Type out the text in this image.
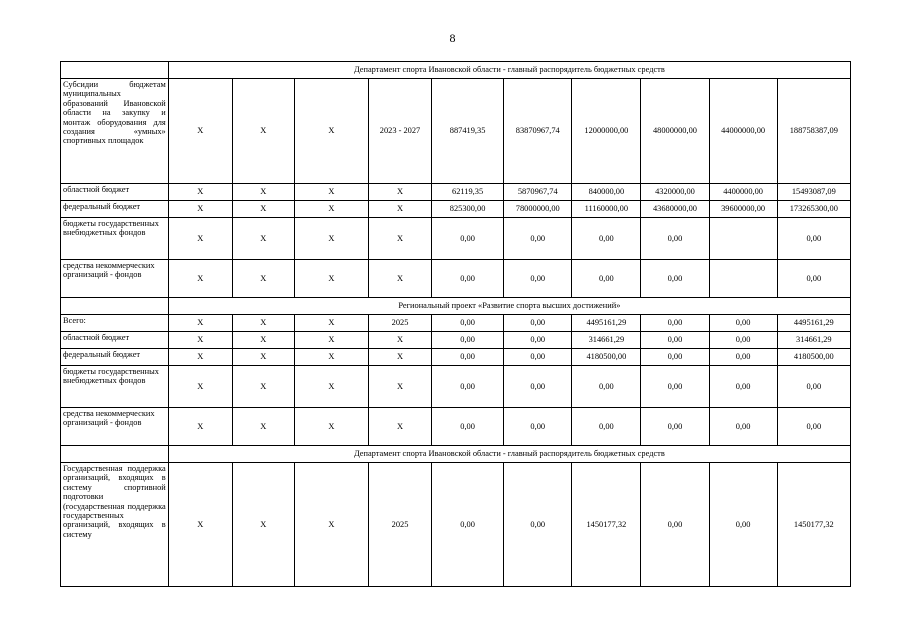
8
	Департамент спорта Ивановской области - главный распорядитель бюджетных средств									
Субсидии бюджетам муниципальных образований Ивановской области на закупку и монтаж оборудования для создания «умных» спортивных площадок	X	X	X	2023 - 2027	887419,35	83870967,74	12000000,00	48000000,00	44000000,00	188758387,09
областной бюджет	X	X	X	X	62119,35	5870967,74	840000,00	4320000,00	4400000,00	15493087,09
федеральный бюджет	X	X	X	X	825300,00	78000000,00	11160000,00	43680000,00	39600000,00	173265300,00
бюджеты государственных внебюджетных фондов	X	X	X	X	0,00	0,00	0,00	0,00		0,00
средства некоммерческих организаций - фондов	X	X	X	X	0,00	0,00	0,00	0,00		0,00
	Региональный проект «Развитие спорта высших достижений»									
Всего:	X	X	X	2025	0,00	0,00	4495161,29	0,00	0,00	4495161,29
областной бюджет	X	X	X	X	0,00	0,00	314661,29	0,00	0,00	314661,29
федеральный бюджет	X	X	X	X	0,00	0,00	4180500,00	0,00	0,00	4180500,00
бюджеты государственных внебюджетных фондов	X	X	X	X	0,00	0,00	0,00	0,00	0,00	0,00
средства некоммерческих организаций - фондов	X	X	X	X	0,00	0,00	0,00	0,00	0,00	0,00
	Департамент спорта Ивановской области - главный распорядитель бюджетных средств									
Государственная поддержка организаций, входящих в систему спортивной подготовки (государственная поддержка государственных организаций, входящих в систему	X	X	X	2025	0,00	0,00	1450177,32	0,00	0,00	1450177,32
